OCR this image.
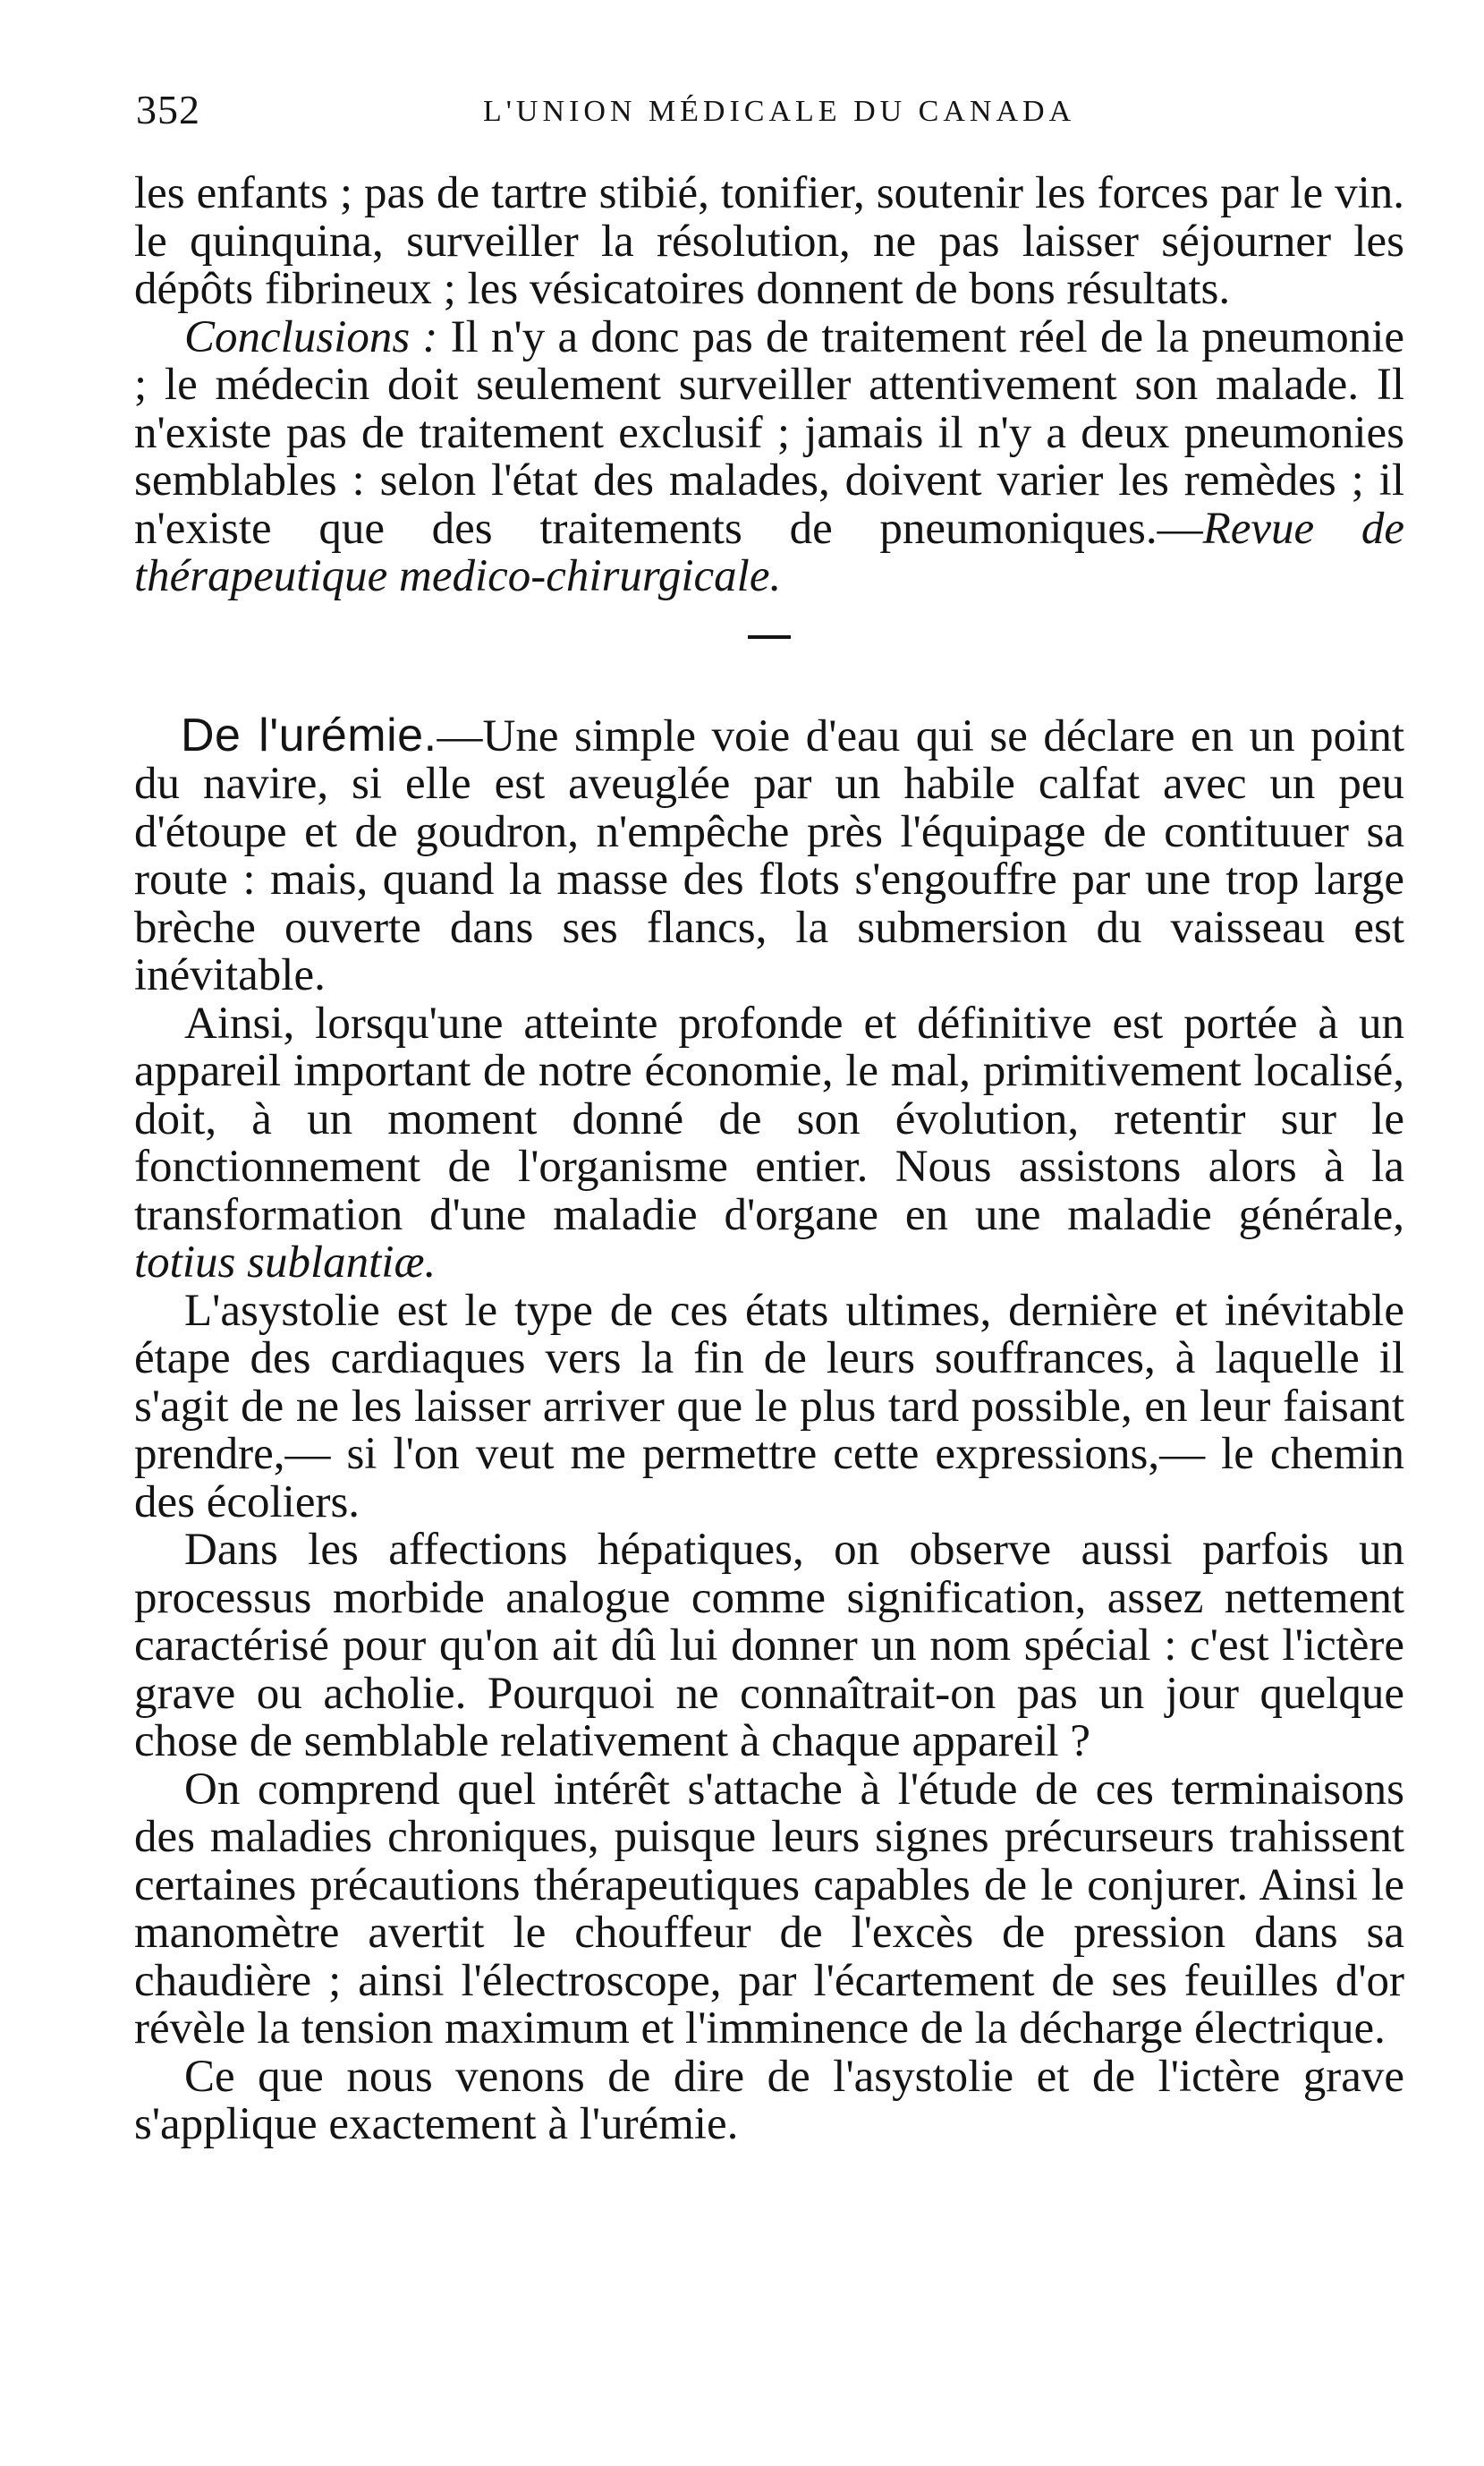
352	L'UNION MÉDICALE DU CANADA

les enfants ; pas de tartre stibié, tonifier, soutenir les forces par le vin. le quinquina, surveiller la résolution, ne pas laisser séjourner les dépôts fibrineux ; les vésicatoires donnent de bons résultats.

Conclusions : Il n'y a donc pas de traitement réel de la pneumonie ; le médecin doit seulement surveiller attentivement son malade. Il n'existe pas de traitement exclusif ; jamais il n'y a deux pneumonies semblables : selon l'état des malades, doivent varier les remèdes ; il n'existe que des traitements de pneumoniques.—Revue de thérapeutique medico-chirurgicale.

De l'urémie.—Une simple voie d'eau qui se déclare en un point du navire, si elle est aveuglée par un habile calfat avec un peu d'étoupe et de goudron, n'empêche près l'équipage de contituuer sa route : mais, quand la masse des flots s'engouffre par une trop large brèche ouverte dans ses flancs, la submersion du vaisseau est inévitable.

Ainsi, lorsqu'une atteinte profonde et définitive est portée à un appareil important de notre économie, le mal, primitivement localisé, doit, à un moment donné de son évolution, retentir sur le fonctionnement de l'organisme entier. Nous assistons alors à la transformation d'une maladie d'organe en une maladie générale, totius sublantiæ.

L'asystolie est le type de ces états ultimes, dernière et inévitable étape des cardiaques vers la fin de leurs souffrances, à laquelle il s'agit de ne les laisser arriver que le plus tard possible, en leur faisant prendre,— si l'on veut me permettre cette expressions,— le chemin des écoliers.

Dans les affections hépatiques, on observe aussi parfois un processus morbide analogue comme signification, assez nettement caractérisé pour qu'on ait dû lui donner un nom spécial : c'est l'ictère grave ou acholie. Pourquoi ne connaîtrait-on pas un jour quelque chose de semblable relativement à chaque appareil ?

On comprend quel intérêt s'attache à l'étude de ces terminaisons des maladies chroniques, puisque leurs signes précurseurs trahissent certaines précautions thérapeutiques capables de le conjurer. Ainsi le manomètre avertit le chouffeur de l'excès de pression dans sa chaudière ; ainsi l'électroscope, par l'écartement de ses feuilles d'or révèle la tension maximum et l'imminence de la décharge électrique.

Ce que nous venons de dire de l'asystolie et de l'ictère grave s'applique exactement à l'urémie.
